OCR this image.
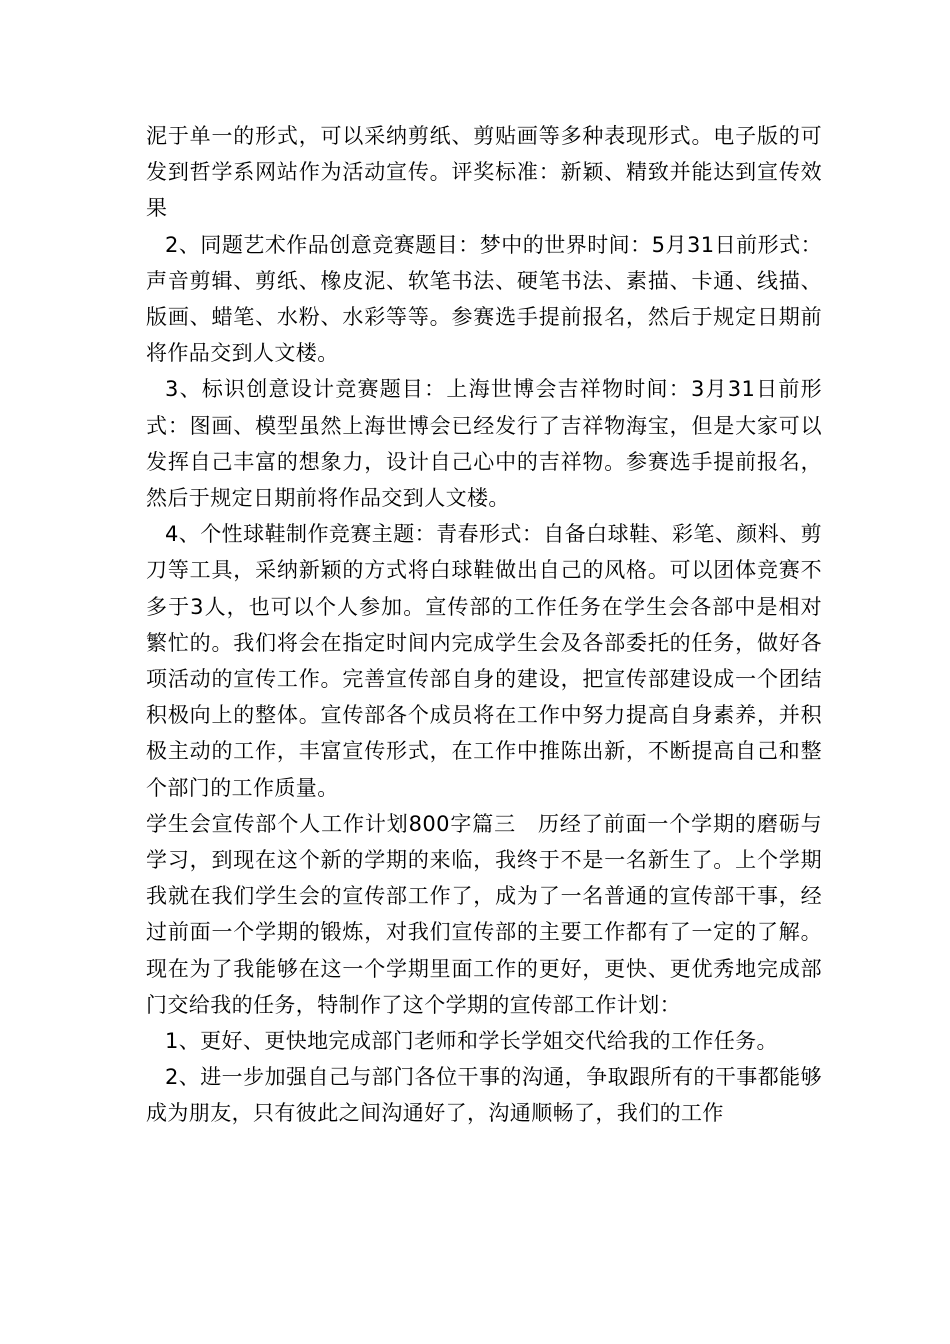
泥于单一的形式，可以采纳剪纸、剪贴画等多种表现形式。电子版的可发到哲学系网站作为活动宣传。评奖标准：新颖、精致并能达到宣传效果

2、同题艺术作品创意竞赛题目：梦中的世界时间：5月31日前形式：声音剪辑、剪纸、橡皮泥、软笔书法、硬笔书法、素描、卡通、线描、版画、蜡笔、水粉、水彩等等。参赛选手提前报名，然后于规定日期前将作品交到人文楼。

3、标识创意设计竞赛题目：上海世博会吉祥物时间：3月31日前形式：图画、模型虽然上海世博会已经发行了吉祥物海宝，但是大家可以发挥自己丰富的想象力，设计自己心中的吉祥物。参赛选手提前报名，然后于规定日期前将作品交到人文楼。

4、个性球鞋制作竞赛主题：青春形式：自备白球鞋、彩笔、颜料、剪刀等工具，采纳新颖的方式将白球鞋做出自己的风格。可以团体竞赛不多于3人，也可以个人参加。宣传部的工作任务在学生会各部中是相对繁忙的。我们将会在指定时间内完成学生会及各部委托的任务，做好各项活动的宣传工作。完善宣传部自身的建设，把宣传部建设成一个团结积极向上的整体。宣传部各个成员将在工作中努力提高自身素养，并积极主动的工作，丰富宣传形式，在工作中推陈出新，不断提高自己和整个部门的工作质量。

学生会宣传部个人工作计划800字篇三　历经了前面一个学期的磨砺与学习，到现在这个新的学期的来临，我终于不是一名新生了。上个学期我就在我们学生会的宣传部工作了，成为了一名普通的宣传部干事，经过前面一个学期的锻炼，对我们宣传部的主要工作都有了一定的了解。现在为了我能够在这一个学期里面工作的更好，更快、更优秀地完成部门交给我的任务，特制作了这个学期的宣传部工作计划：

1、更好、更快地完成部门老师和学长学姐交代给我的工作任务。

2、进一步加强自己与部门各位干事的沟通，争取跟所有的干事都能够成为朋友，只有彼此之间沟通好了，沟通顺畅了，我们的工作
